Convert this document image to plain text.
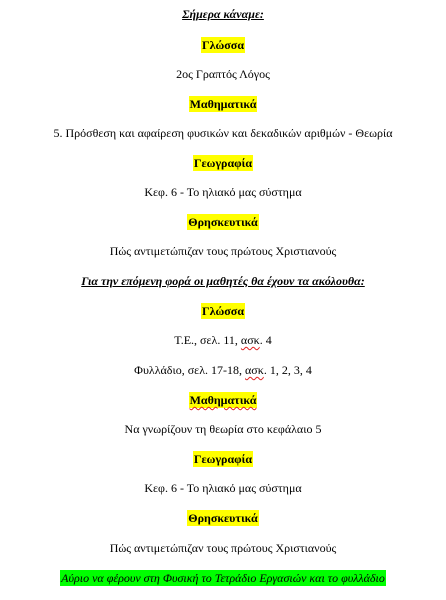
Σήμερα κάναμε:
Γλώσσα
2ος Γραπτός Λόγος
Μαθηματικά
5. Πρόσθεση και αφαίρεση φυσικών και δεκαδικών αριθμών - Θεωρία
Γεωγραφία
Κεφ. 6 - Το ηλιακό μας σύστημα
Θρησκευτικά
Πώς αντιμετώπιζαν τους πρώτους Χριστιανούς
Για την επόμενη φορά οι μαθητές θα έχουν τα ακόλουθα:
Γλώσσα
Τ.Ε., σελ. 11, ασκ. 4
Φυλλάδιο, σελ. 17-18, ασκ. 1, 2, 3, 4
Μαθηματικά
Να γνωρίζουν τη θεωρία στο κεφάλαιο 5
Γεωγραφία
Κεφ. 6 - Το ηλιακό μας σύστημα
Θρησκευτικά
Πώς αντιμετώπιζαν τους πρώτους Χριστιανούς
Αύριο να φέρουν στη Φυσική το Τετράδιο Εργασιών και το φυλλάδιο
